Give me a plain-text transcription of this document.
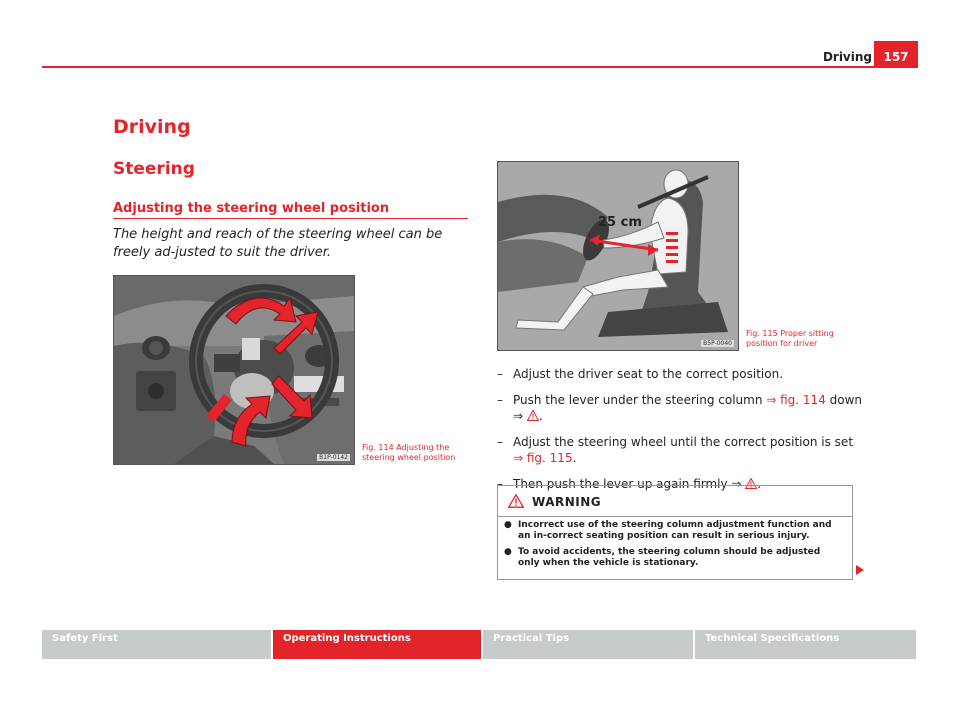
Driving 157
Driving
Steering
Adjusting the steering wheel position

The height and reach of the steering wheel can be freely ad-justed to suit the driver.

B1P-0142
Fig. 114 Adjusting the steering wheel position
25 cm
B5P-0040
Fig. 115 Proper sitting position for driver
– Adjust the driver seat to the correct position.
– Push the lever under the steering column ⇒ fig. 114 down ⇒ .
– Adjust the steering wheel until the correct position is set
⇒ fig. 115.
– Then push the lever up again firmly ⇒ .
WARNING
● Incorrect use of the steering column adjustment function and an in-correct seating position can result in serious injury.
● To avoid accidents, the steering column should be adjusted only when the vehicle is stationary.
Safety First	Operating Instructions	Practical Tips	Technical Specifications
